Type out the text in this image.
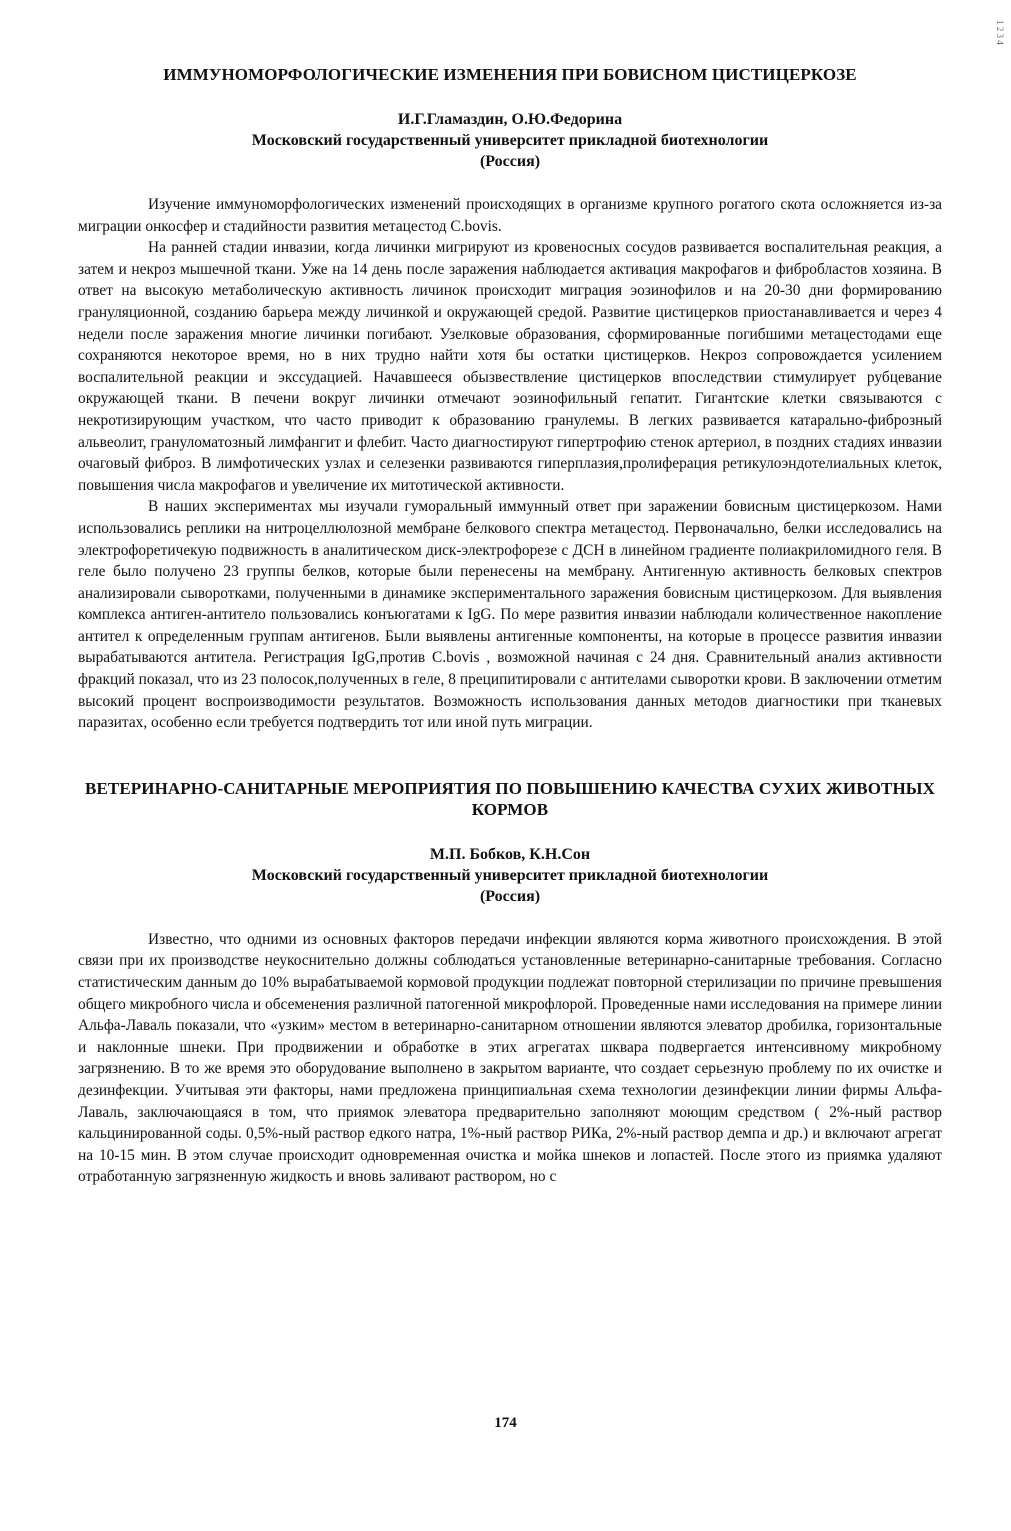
ИММУНОМОРФОЛОГИЧЕСКИЕ ИЗМЕНЕНИЯ ПРИ БОВИСНОМ ЦИСТИЦЕРКОЗЕ

И.Г.Гламаздин, О.Ю.Федорина

Московский государственный университет прикладной биотехнологии

(Россия)

Изучение иммуноморфологических изменений происходящих в организме крупного рогатого скота осложняется из-за миграции онкосфер и стадийности развития метацестод C.bovis.

На ранней стадии инвазии, когда личинки мигрируют из кровеносных сосудов развивается воспалительная реакция, а затем и некроз мышечной ткани. Уже на 14 день после заражения наблюдается активация макрофагов и фибробластов хозяина. В ответ на высокую метаболическую активность личинок происходит миграция эозинофилов и на 20-30 дни формированию грануляционной, созданию барьера между личинкой и окружающей средой. Развитие цистицерков приостанавливается и через 4 недели после заражения многие личинки погибают. Узелковые образования, сформированные погибшими метацестодами еще сохраняются некоторое время, но в них трудно найти хотя бы остатки цистицерков. Некроз сопровождается усилением воспалительной реакции и экссудацией. Начавшееся обызвествление цистицерков впоследствии стимулирует рубцевание окружающей ткани. В печени вокруг личинки отмечают эозинофильный гепатит. Гигантские клетки связываются с некротизирующим участком, что часто приводит к образованию гранулемы. В легких развивается катарально-фиброзный альвеолит, грануломатозный лимфангит и флебит. Часто диагностируют гипертрофию стенок артериол, в поздних стадиях инвазии очаговый фиброз. В лимфотических узлах и селезенки развиваются гиперплазия,пролиферация ретикулоэндотелиальных клеток, повышения числа макрофагов и увеличение их митотической активности.

В наших экспериментах мы изучали гуморальный иммунный ответ при заражении бовисным цистицеркозом. Нами использовались реплики на нитроцеллюлозной мембране белкового спектра метацестод. Первоначально, белки исследовались на электрофоретичекую подвижность в аналитическом диск-электрофорезе с ДСН в линейном градиенте полиакриломидного геля. В геле было получено 23 группы белков, которые были перенесены на мембрану. Антигенную активность белковых спектров анализировали сыворотками, полученными в динамике экспериментального заражения бовисным цистицеркозом. Для выявления комплекса антиген-антитело пользовались конъюгатами к IgG. По мере развития инвазии наблюдали количественное накопление антител к определенным группам антигенов. Были выявлены антигенные компоненты, на которые в процессе развития инвазии вырабатываются антитела. Регистрация IgG,против C.bovis , возможной начиная с 24 дня. Сравнительный анализ активности фракций показал, что из 23 полосок,полученных в геле, 8 преципитировали с антителами сыворотки крови. В заключении отметим высокий процент воспроизводимости результатов. Возможность использования данных методов диагностики при тканевых паразитах, особенно если требуется подтвердить тот или иной путь миграции.

ВЕТЕРИНАРНО-САНИТАРНЫЕ МЕРОПРИЯТИЯ ПО ПОВЫШЕНИЮ КАЧЕСТВА СУХИХ ЖИВОТНЫХ КОРМОВ

М.П. Бобков, К.Н.Сон

Московский государственный университет прикладной биотехнологии

(Россия)

Известно, что одними из основных факторов передачи инфекции являются корма животного происхождения. В этой связи при их производстве неукоснительно должны соблюдаться установленные ветеринарно-санитарные требования. Согласно статистическим данным до 10% вырабатываемой кормовой продукции подлежат повторной стерилизации по причине превышения общего микробного числа и обсеменения различной патогенной микрофлорой. Проведенные нами исследования на примере линии Альфа-Лаваль показали, что «узким» местом в ветеринарно-санитарном отношении являются элеватор дробилка, горизонтальные и наклонные шнеки. При продвижении и обработке в этих агрегатах шквара подвергается интенсивному микробному загрязнению. В то же время это оборудование выполнено в закрытом варианте, что создает серьезную проблему по их очистке и дезинфекции. Учитывая эти факторы, нами предложена принципиальная схема технологии дезинфекции линии фирмы Альфа-Лаваль, заключающаяся в том, что приямок элеватора предварительно заполняют моющим средством ( 2%-ный раствор кальцинированной соды. 0,5%-ный раствор едкого натра, 1%-ный раствор РИКа, 2%-ный раствор демпа и др.) и включают агрегат на 10-15 мин. В этом случае происходит одновременная очистка и мойка шнеков и лопастей. После этого из приямка удаляют отработанную загрязненную жидкость и вновь заливают раствором, но с

174
1 2 3 4
